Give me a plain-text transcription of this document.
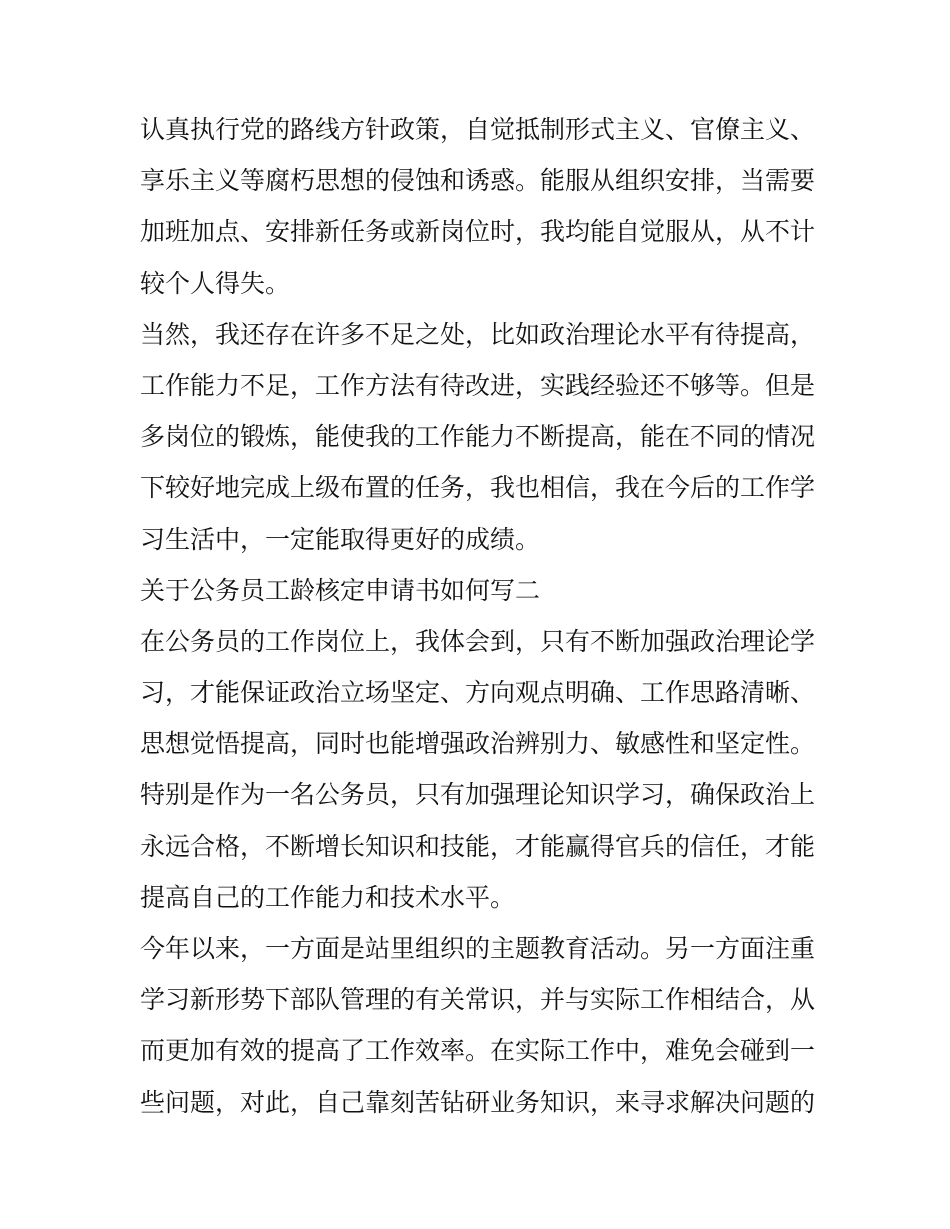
认真执行党的路线方针政策，自觉抵制形式主义、官僚主义、
享乐主义等腐朽思想的侵蚀和诱惑。能服从组织安排，当需要
加班加点、安排新任务或新岗位时，我均能自觉服从，从不计
较个人得失。
当然，我还存在许多不足之处，比如政治理论水平有待提高，
工作能力不足，工作方法有待改进，实践经验还不够等。但是
多岗位的锻炼，能使我的工作能力不断提高，能在不同的情况
下较好地完成上级布置的任务，我也相信，我在今后的工作学
习生活中，一定能取得更好的成绩。
关于公务员工龄核定申请书如何写二
在公务员的工作岗位上，我体会到，只有不断加强政治理论学
习，才能保证政治立场坚定、方向观点明确、工作思路清晰、
思想觉悟提高，同时也能增强政治辨别力、敏感性和坚定性。
特别是作为一名公务员，只有加强理论知识学习，确保政治上
永远合格，不断增长知识和技能，才能赢得官兵的信任，才能
提高自己的工作能力和技术水平。
今年以来，一方面是站里组织的主题教育活动。另一方面注重
学习新形势下部队管理的有关常识，并与实际工作相结合，从
而更加有效的提高了工作效率。在实际工作中，难免会碰到一
些问题，对此，自己靠刻苦钻研业务知识，来寻求解决问题的
